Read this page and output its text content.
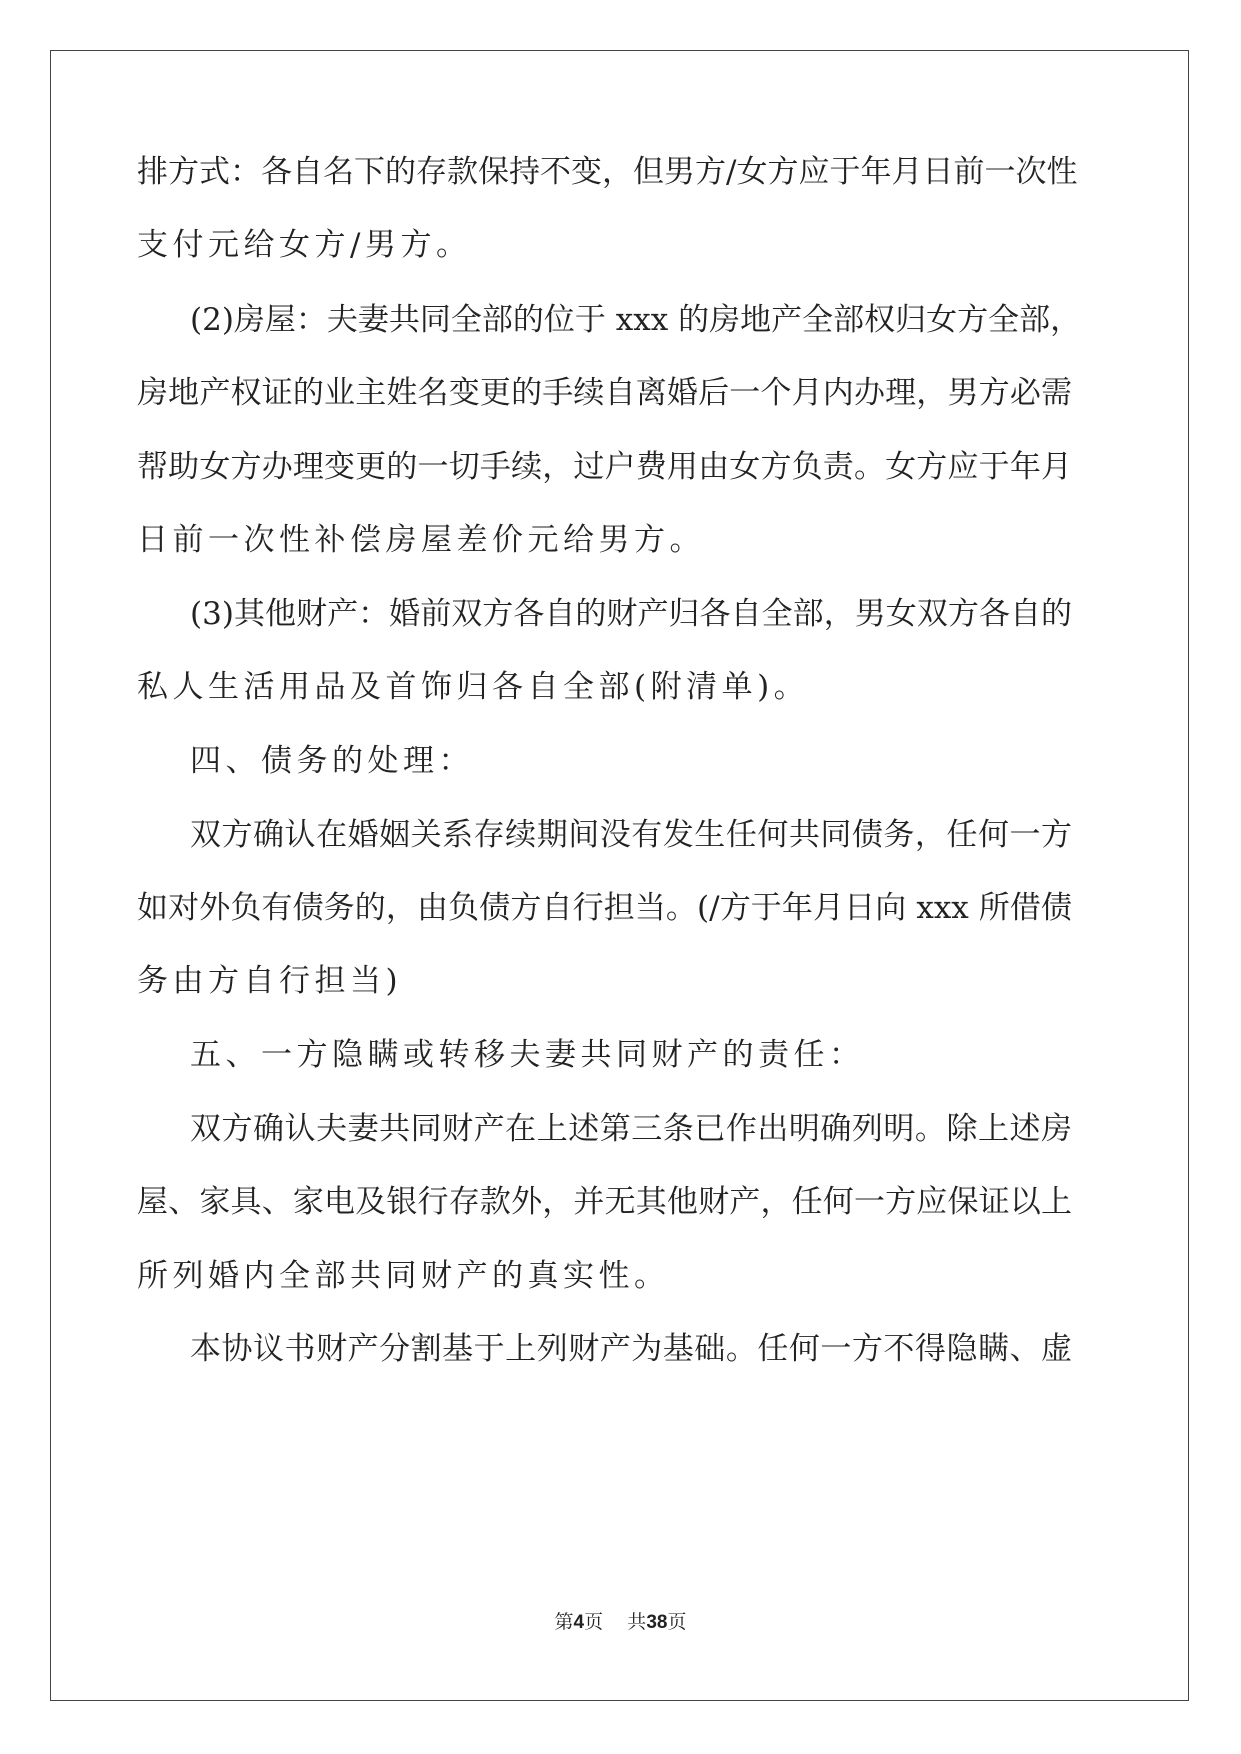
排方式：各自名下的存款保持不变，但男方/女方应于年月日前一次性
支付元给女方/男方。
(2)房屋：夫妻共同全部的位于 xxx 的房地产全部权归女方全部，
房地产权证的业主姓名变更的手续自离婚后一个月内办理，男方必需
帮助女方办理变更的一切手续，过户费用由女方负责。女方应于年月
日前一次性补偿房屋差价元给男方。
(3)其他财产：婚前双方各自的财产归各自全部，男女双方各自的
私人生活用品及首饰归各自全部(附清单)。
四、债务的处理：
双方确认在婚姻关系存续期间没有发生任何共同债务，任何一方
如对外负有债务的，由负债方自行担当。(/方于年月日向 xxx 所借债
务由方自行担当)
五、一方隐瞒或转移夫妻共同财产的责任：
双方确认夫妻共同财产在上述第三条已作出明确列明。除上述房
屋、家具、家电及银行存款外，并无其他财产，任何一方应保证以上
所列婚内全部共同财产的真实性。
本协议书财产分割基于上列财产为基础。任何一方不得隐瞒、虚
第4页 共38页
